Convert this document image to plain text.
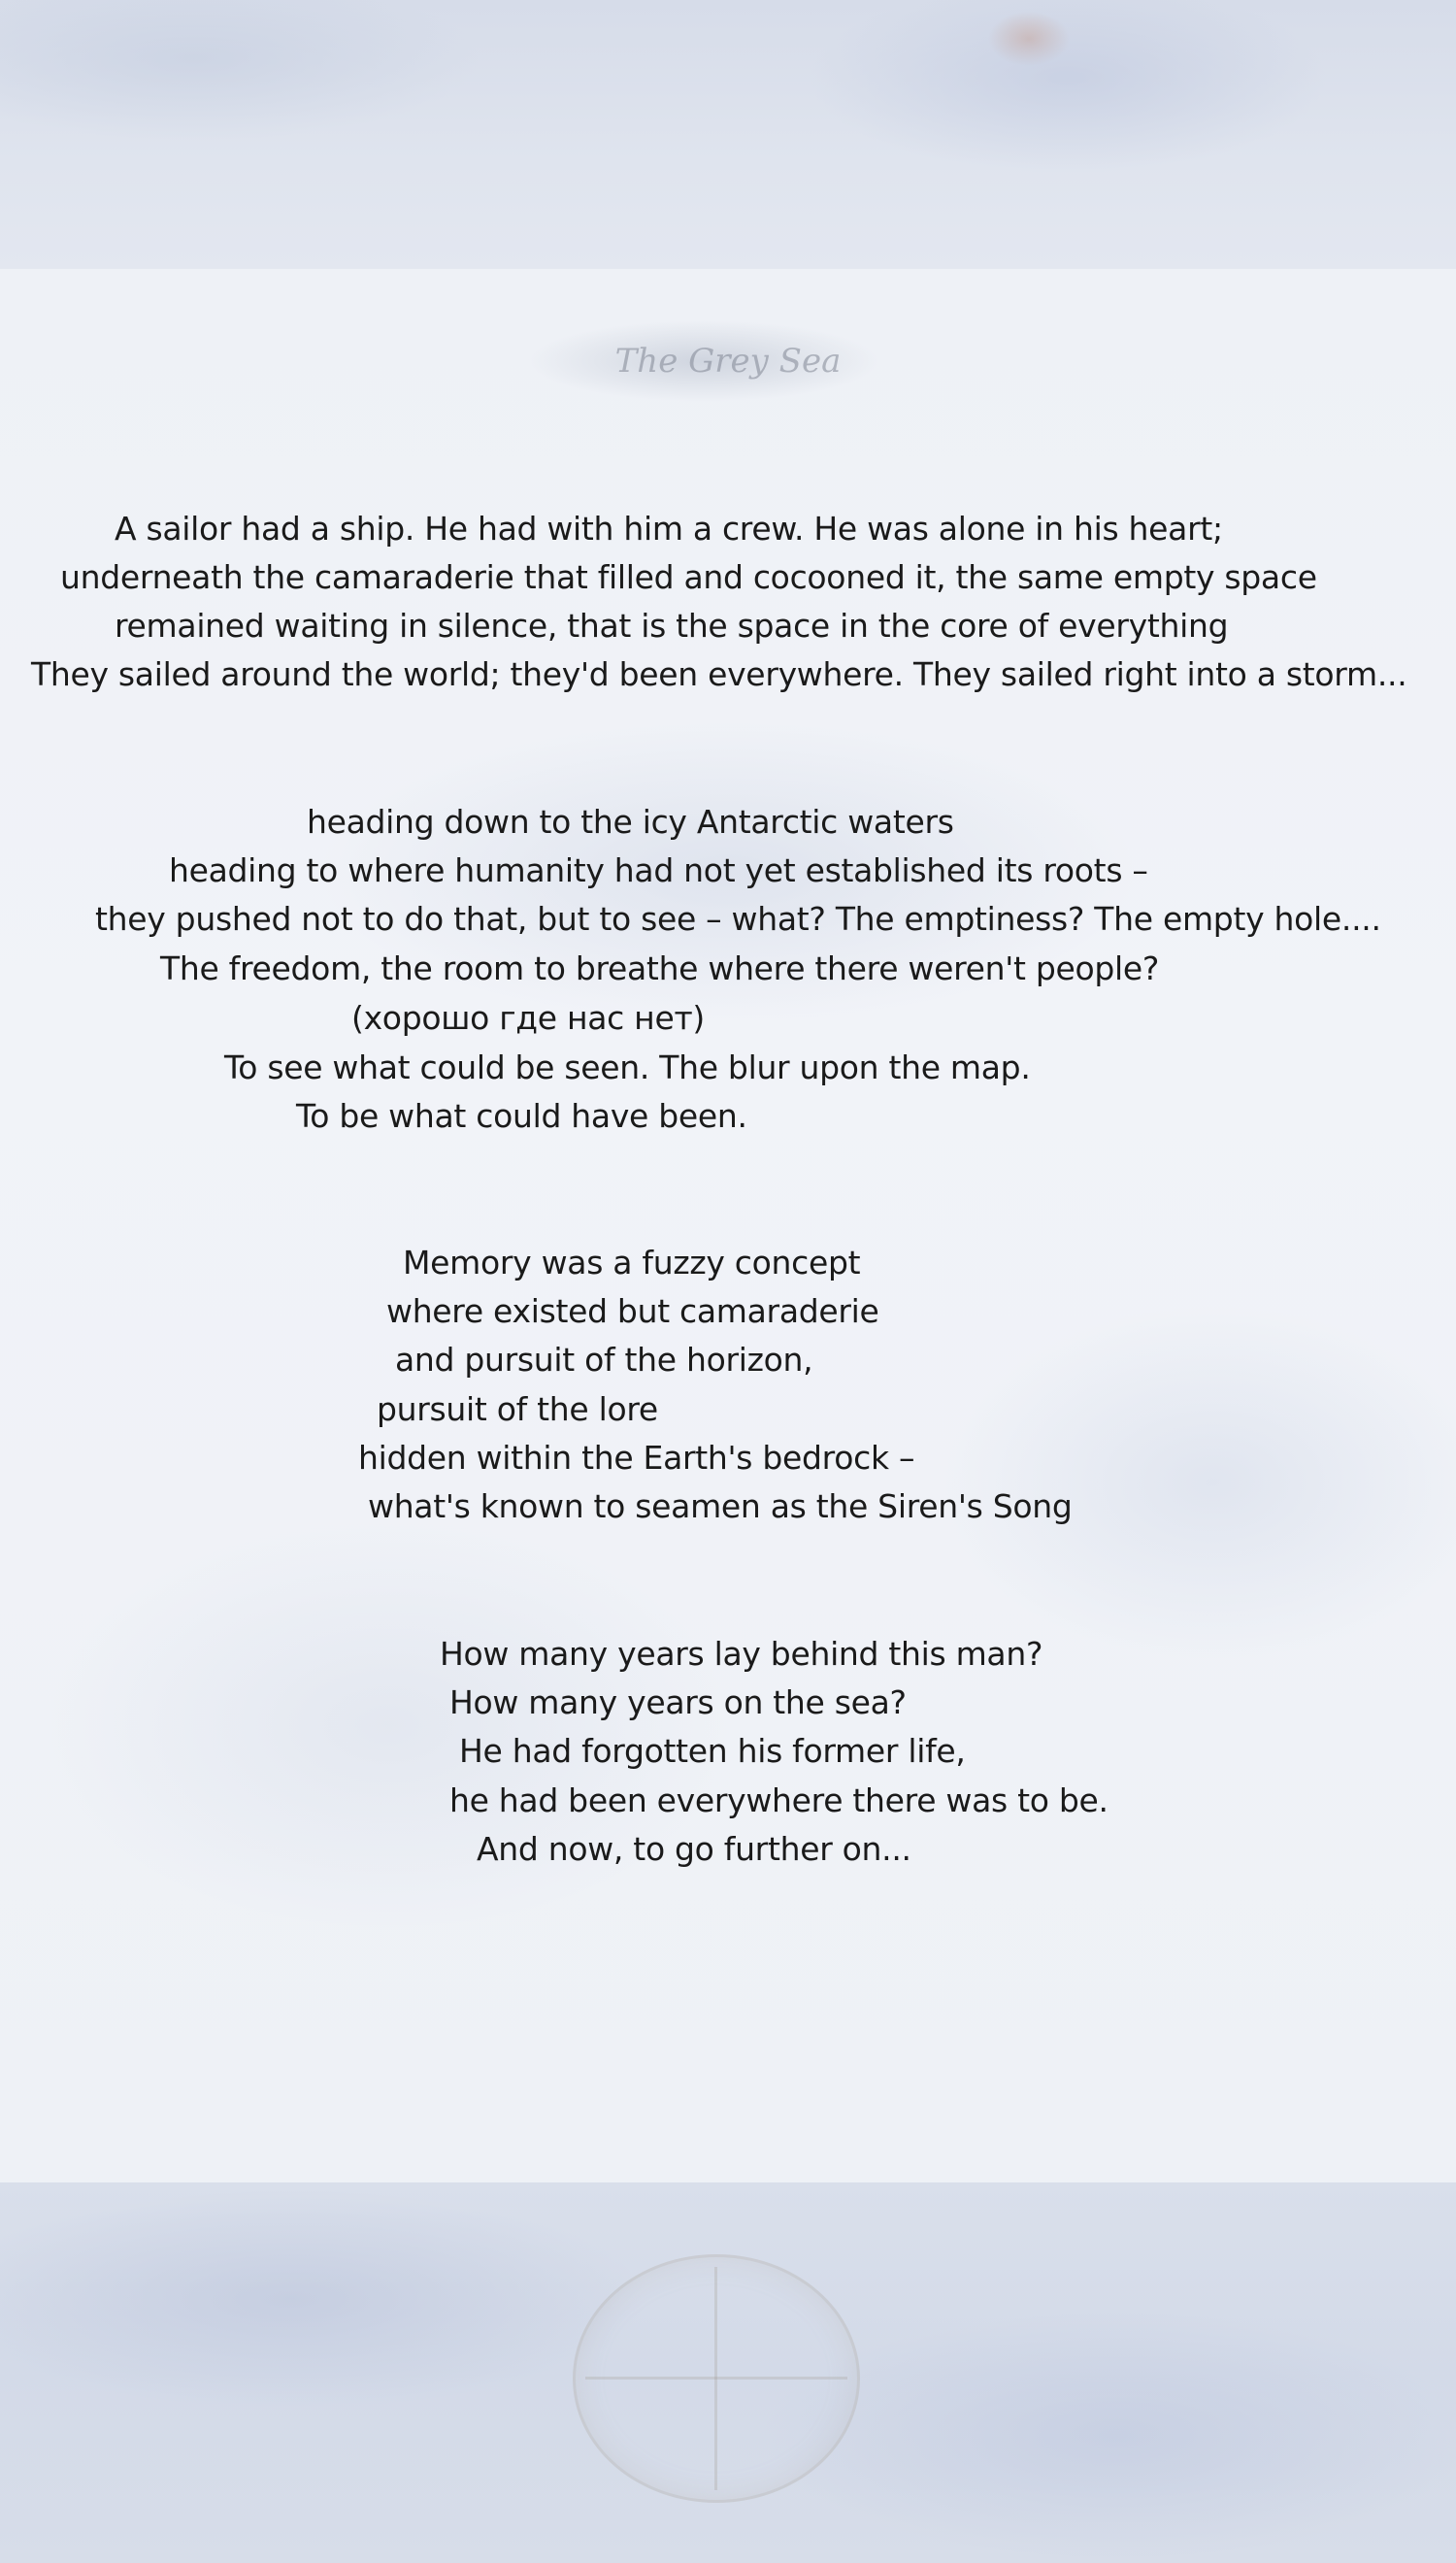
The Grey Sea
A sailor had a ship. He had with him a crew. He was alone in his heart;
underneath the camaraderie that filled and cocooned it, the same empty space
remained waiting in silence, that is the space in the core of everything
They sailed around the world; they'd been everywhere. They sailed right into a storm...
heading down to the icy Antarctic waters
heading to where humanity had not yet established its roots –
they pushed not to do that, but to see – what? The emptiness? The empty hole....
The freedom, the room to breathe where there weren't people?
(хорошо где нас нет)
To see what could be seen. The blur upon the map.
To be what could have been.
Memory was a fuzzy concept
where existed but camaraderie
and pursuit of the horizon,
pursuit of the lore
hidden within the Earth's bedrock –
what's known to seamen as the Siren's Song
How many years lay behind this man?
How many years on the sea?
He had forgotten his former life,
he had been everywhere there was to be.
And now, to go further on...
